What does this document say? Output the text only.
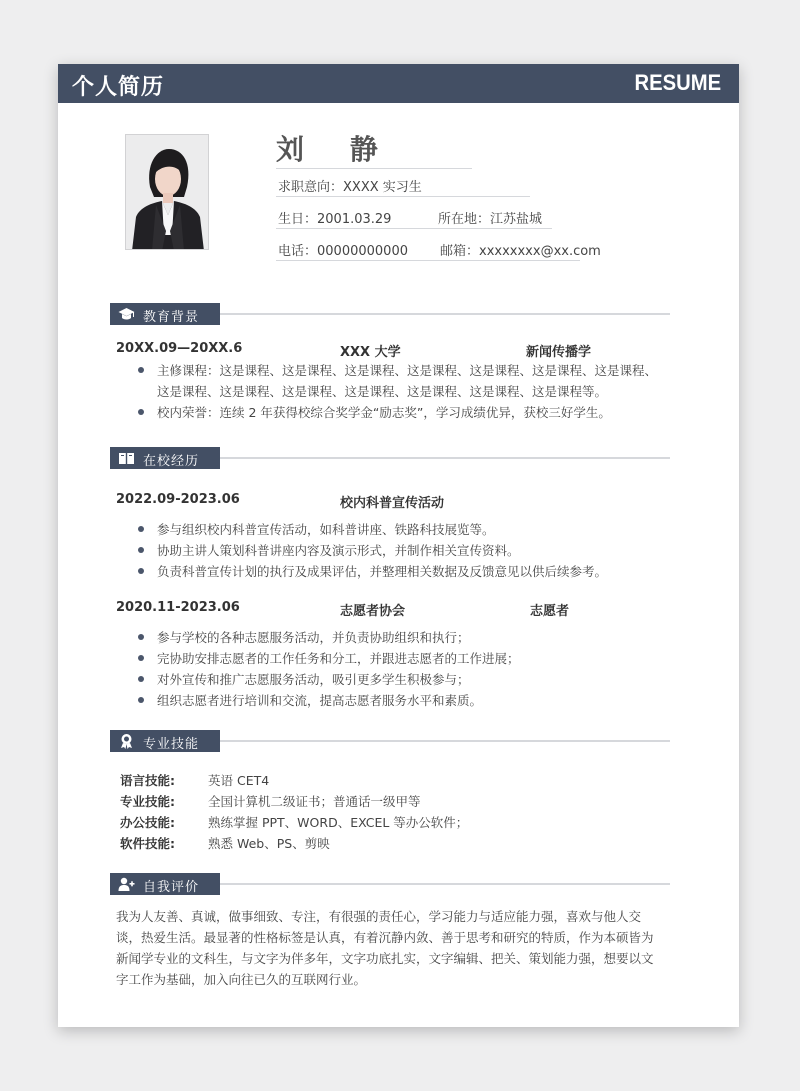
个人简历	RESUME
刘 静
求职意向：XXXX 实习生
生日：2001.03.29	所在地：江苏盐城
电话：00000000000 邮箱：xxxxxxxx@xx.com
教育背景
20XX.09—20XX.6	XXX 大学	新闻传播学
主修课程：这是课程、这是课程、这是课程、这是课程、这是课程、这是课程、这是课程、这是课程、这是课程、这是课程、这是课程、这是课程、这是课程、这是课程等。
校内荣誉：连续 2 年获得校综合奖学金“励志奖”，学习成绩优异，获校三好学生。
在校经历
2022.09-2023.06	校内科普宣传活动
参与组织校内科普宣传活动，如科普讲座、铁路科技展览等。
协助主讲人策划科普讲座内容及演示形式，并制作相关宣传资料。
负责科普宣传计划的执行及成果评估，并整理相关数据及反馈意见以供后续参考。
2020.11-2023.06	志愿者协会	志愿者
参与学校的各种志愿服务活动，并负责协助组织和执行；
完协助安排志愿者的工作任务和分工，并跟进志愿者的工作进展；
对外宣传和推广志愿服务活动，吸引更多学生积极参与；
组织志愿者进行培训和交流，提高志愿者服务水平和素质。
专业技能
语言技能:	英语 CET4
专业技能:	全国计算机二级证书；普通话一级甲等
办公技能:	熟练掌握 PPT、WORD、EXCEL 等办公软件；
软件技能:	熟悉 Web、PS、剪映
自我评价
我为人友善、真诚，做事细致、专注，有很强的责任心，学习能力与适应能力强，喜欢与他人交谈，热爱生活。最显著的性格标签是认真，有着沉静内敛、善于思考和研究的特质，作为本硕皆为新闻学专业的文科生，与文字为伴多年，文字功底扎实，文字编辑、把关、策划能力强，想要以文字工作为基础，加入向往已久的互联网行业。
